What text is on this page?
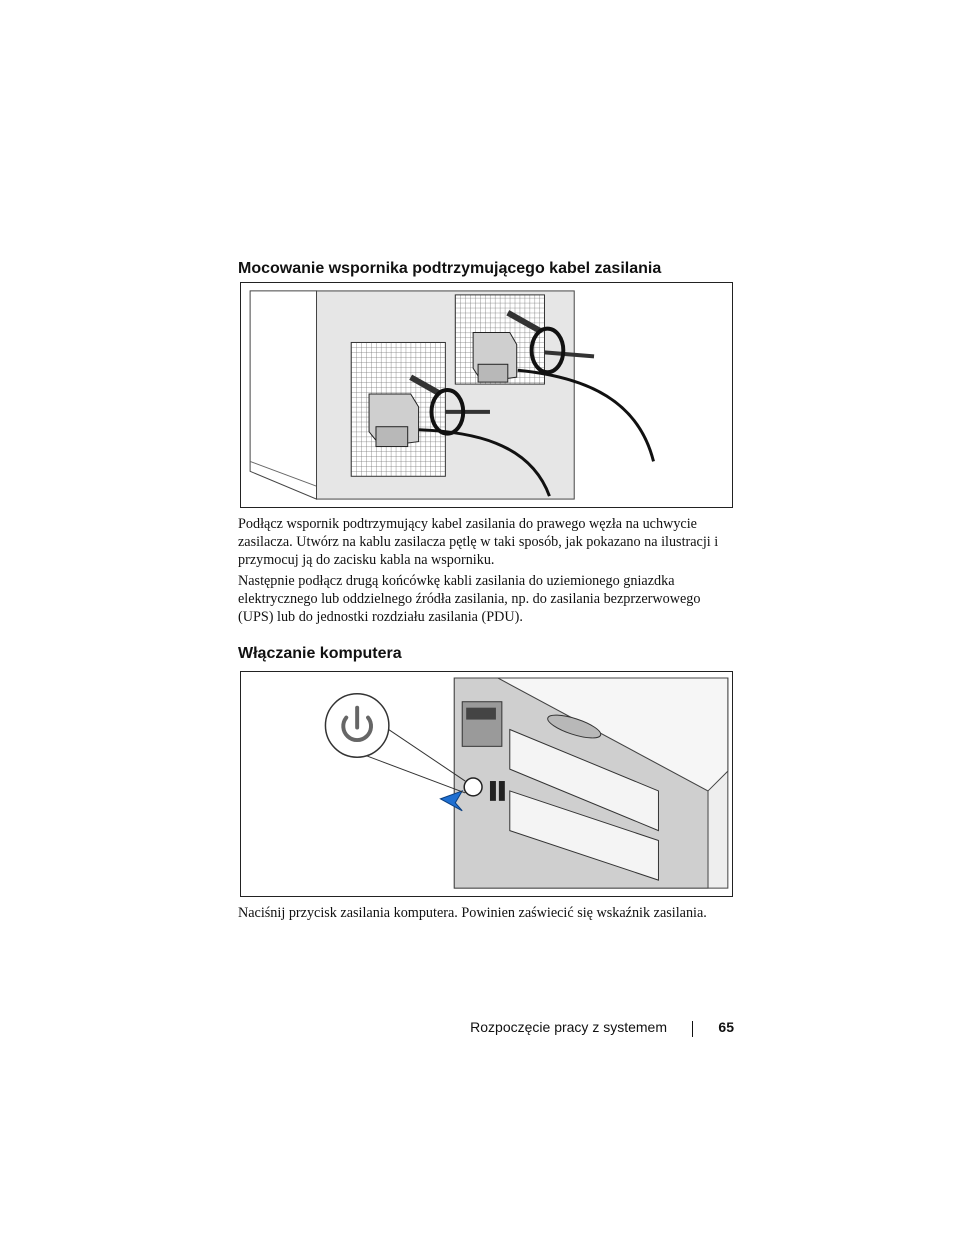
Mocowanie wspornika podtrzymującego kabel zasilania

Podłącz wspornik podtrzymujący kabel zasilania do prawego węzła na uchwycie zasilacza. Utwórz na kablu zasilacza pętlę w taki sposób, jak pokazano na ilustracji i przymocuj ją do zacisku kabla na wsporniku.

Następnie podłącz drugą końcówkę kabli zasilania do uziemionego gniazdka elektrycznego lub oddzielnego źródła zasilania, np. do zasilania bezprzerwowego (UPS) lub do jednostki rozdziału zasilania (PDU).

Włączanie komputera

Naciśnij przycisk zasilania komputera. Powinien zaświecić się wskaźnik zasilania.

Rozpoczęcie pracy z systemem	65
